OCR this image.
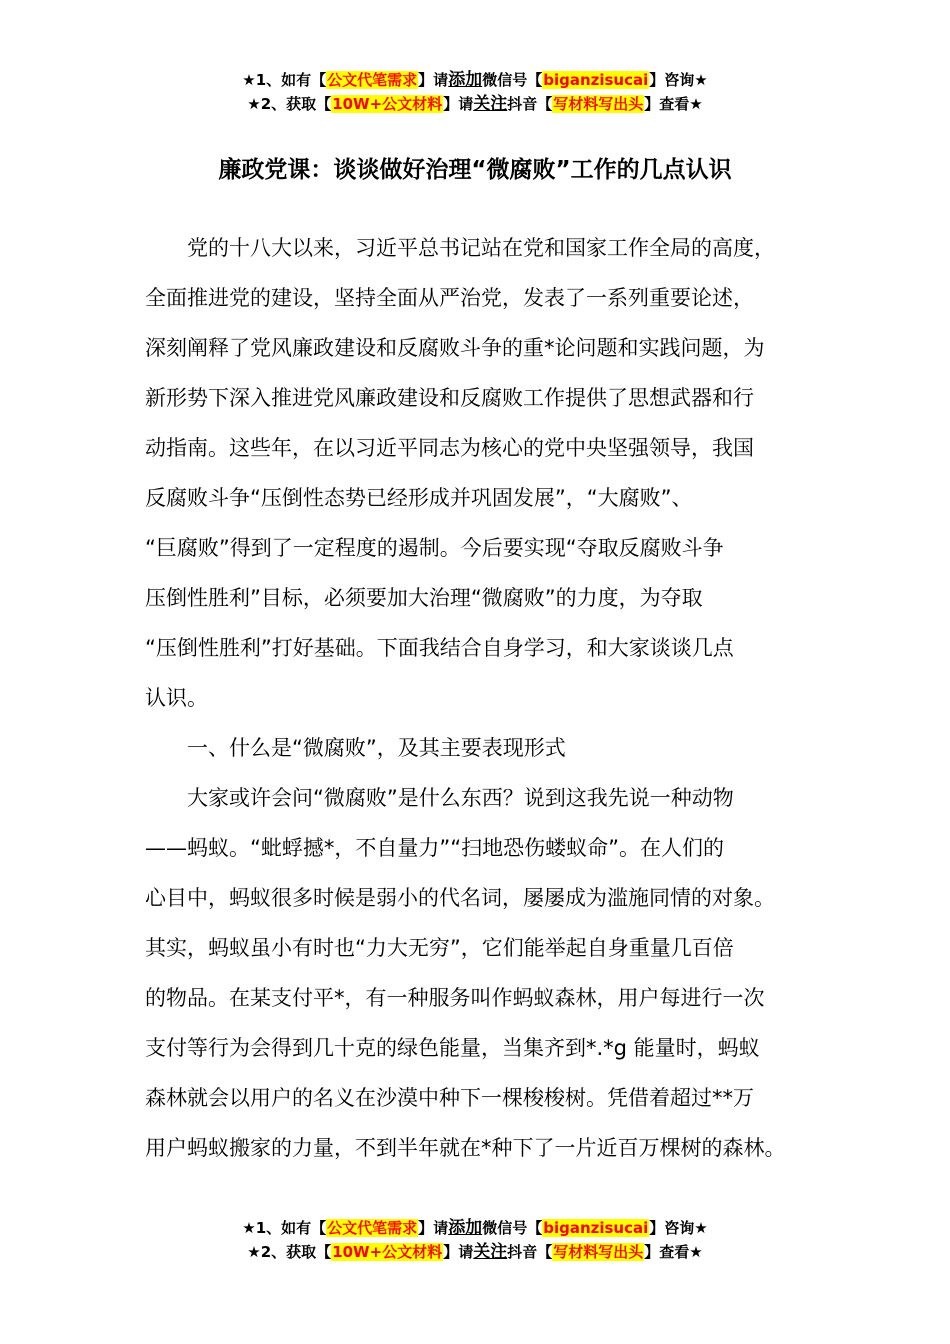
★1、如有【公文代笔需求】请添加微信号【biganzisucai】咨询★
★2、获取【10W+公文材料】请关注抖音【写材料写出头】查看★
廉政党课：谈谈做好治理“微腐败”工作的几点认识
　　党的十八大以来，习近平总书记站在党和国家工作全局的高度，
全面推进党的建设，坚持全面从严治党，发表了一系列重要论述，
深刻阐释了党风廉政建设和反腐败斗争的重*论问题和实践问题，为
新形势下深入推进党风廉政建设和反腐败工作提供了思想武器和行
动指南。这些年，在以习近平同志为核心的党中央坚强领导，我国
反腐败斗争“压倒性态势已经形成并巩固发展”，“大腐败”、
“巨腐败”得到了一定程度的遏制。今后要实现“夺取反腐败斗争
压倒性胜利”目标，必须要加大治理“微腐败”的力度，为夺取
“压倒性胜利”打好基础。下面我结合自身学习，和大家谈谈几点
认识。
　　一、什么是“微腐败”，及其主要表现形式
　　大家或许会问“微腐败”是什么东西？说到这我先说一种动物
——蚂蚁。“蚍蜉撼*，不自量力”“扫地恐伤蝼蚁命”。在人们的
心目中，蚂蚁很多时候是弱小的代名词，屡屡成为滥施同情的对象。
其实，蚂蚁虽小有时也“力大无穷”，它们能举起自身重量几百倍
的物品。在某支付平*，有一种服务叫作蚂蚁森林，用户每进行一次
支付等行为会得到几十克的绿色能量，当集齐到*.*g 能量时，蚂蚁
森林就会以用户的名义在沙漠中种下一棵梭梭树。凭借着超过**万
用户蚂蚁搬家的力量，不到半年就在*种下了一片近百万棵树的森林。
★1、如有【公文代笔需求】请添加微信号【biganzisucai】咨询★
★2、获取【10W+公文材料】请关注抖音【写材料写出头】查看★
